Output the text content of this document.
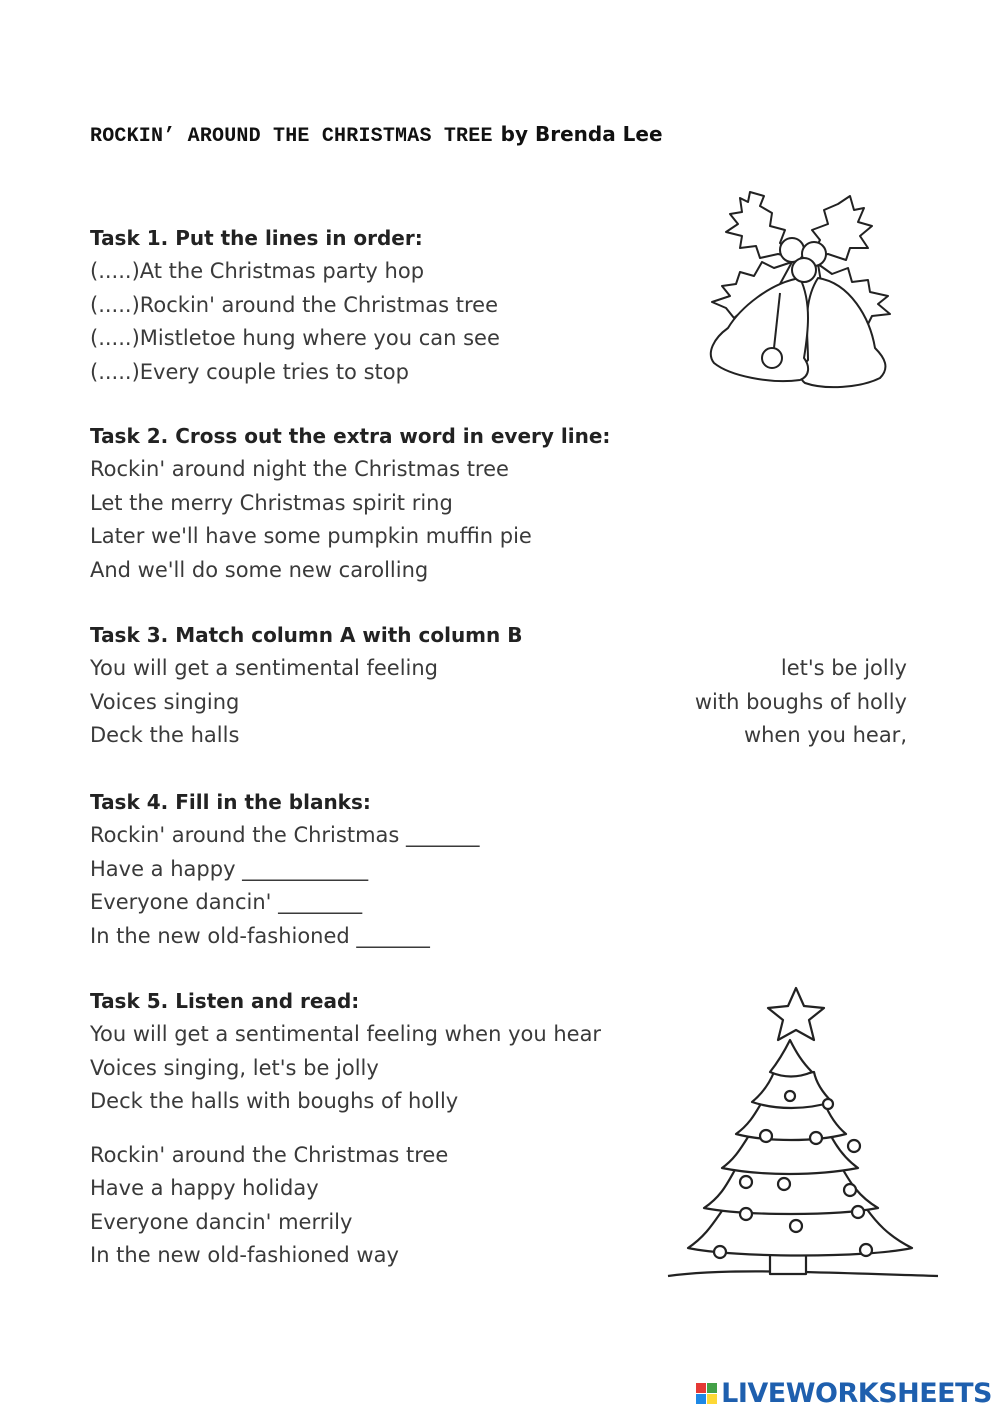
ROCKIN’ AROUND THE CHRISTMAS TREE by Brenda Lee
Task 1. Put the lines in order:
(.....)At the Christmas party hop
(.....)Rockin' around the Christmas tree
(.....)Mistletoe hung where you can see
(.....)Every couple tries to stop
Task 2. Cross out the extra word in every line:
Rockin' around night the Christmas tree
Let the merry Christmas spirit ring
Later we'll have some pumpkin muffin pie
And we'll do some new carolling
Task 3. Match column A with column B
You will get a sentimental feeling	let's be jolly
Voices singing	with boughs of holly
Deck the halls	when you hear,
Task 4. Fill in the blanks:
Rockin' around the Christmas _______
Have a happy ____________
Everyone dancin' ________
In the new old-fashioned _______
Task 5. Listen and read:
You will get a sentimental feeling when you hear
Voices singing, let's be jolly
Deck the halls with boughs of holly
Rockin' around the Christmas tree
Have a happy holiday
Everyone dancin' merrily
In the new old-fashioned way
LIVEWORKSHEETS
